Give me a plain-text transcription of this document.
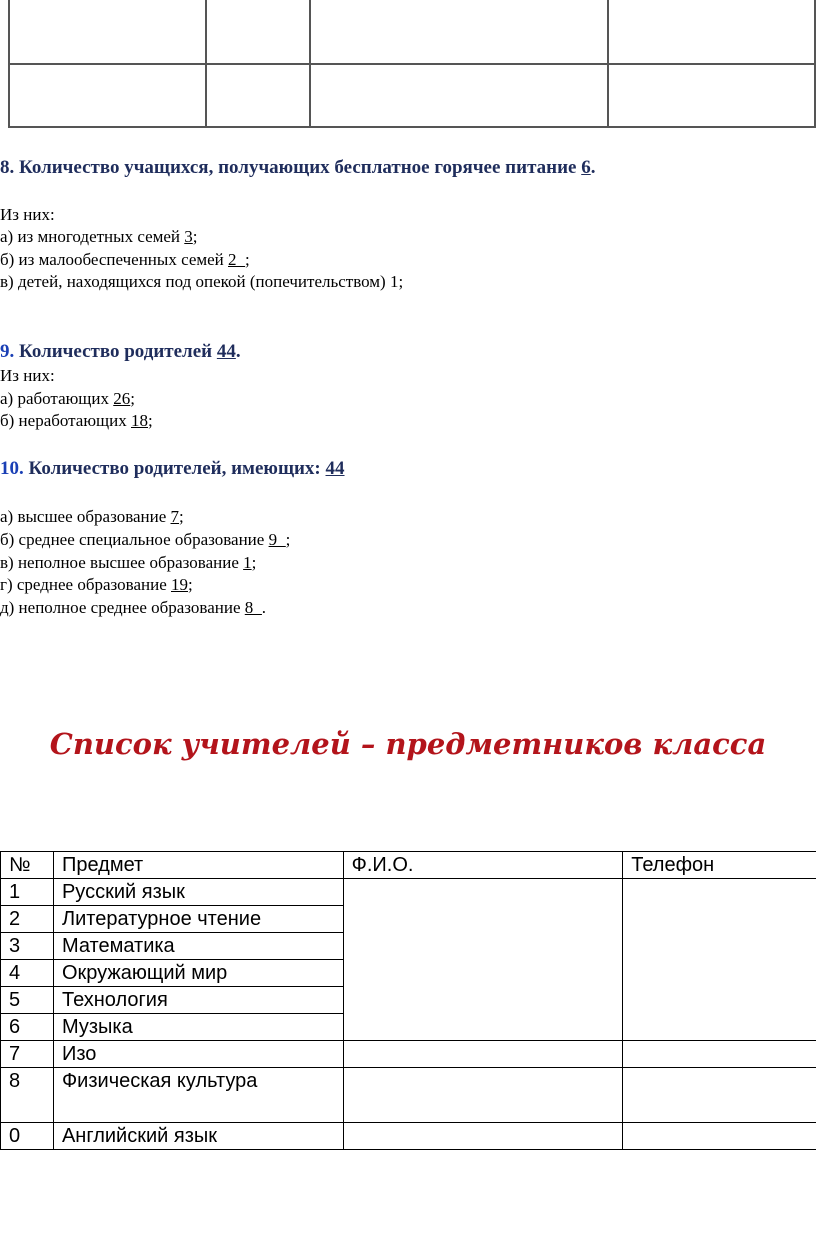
8. Количество учащихся, получающих бесплатное горячее питание 6.
Из них:
а) из многодетных семей 3;
б) из малообеспеченных семей 2_;
в) детей, находящихся под опекой (попечительством) 1;
9. Количество родителей 44.
Из них:
а) работающих 26;
б) неработающих 18;
10. Количество родителей, имеющих: 44
а) высшее образование 7;
б) среднее специальное образование 9_;
в) неполное высшее образование 1;
г) среднее образование 19;
д) неполное среднее образование 8_.
Список учителей – предметников класса
№	Предмет	Ф.И.О.	Телефон
1	Русский язык		
2	Литературное чтение		
3	Математика		
4	Окружающий мир		
5	Технология		
6	Музыка		
7	Изо		
8	Физическая культура		
0	Английский язык		
